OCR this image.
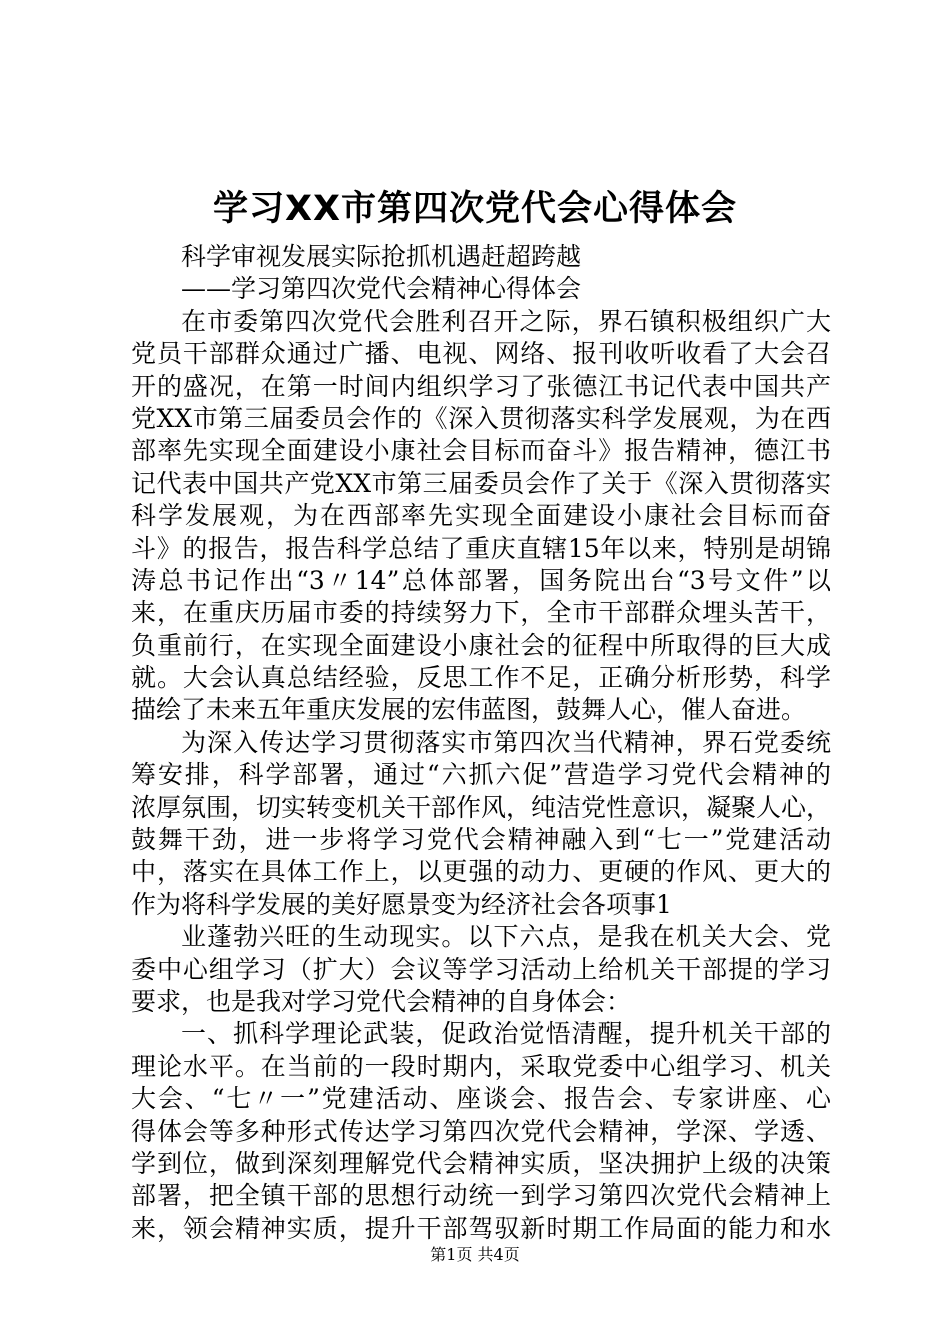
学习XX市第四次党代会心得体会
科学审视发展实际抢抓机遇赶超跨越
——学习第四次党代会精神心得体会
在市委第四次党代会胜利召开之际，界石镇积极组织广大
党员干部群众通过广播、电视、网络、报刊收听收看了大会召
开的盛况，在第一时间内组织学习了张德江书记代表中国共产
党XX市第三届委员会作的《深入贯彻落实科学发展观，为在西
部率先实现全面建设小康社会目标而奋斗》报告精神，德江书
记代表中国共产党XX市第三届委员会作了关于《深入贯彻落实
科学发展观，为在西部率先实现全面建设小康社会目标而奋
斗》的报告，报告科学总结了重庆直辖15年以来，特别是胡锦
涛总书记作出“3〃14”总体部署，国务院出台“3号文件”以
来，在重庆历届市委的持续努力下，全市干部群众埋头苦干，
负重前行，在实现全面建设小康社会的征程中所取得的巨大成
就。大会认真总结经验，反思工作不足，正确分析形势，科学
描绘了未来五年重庆发展的宏伟蓝图，鼓舞人心，催人奋进。
为深入传达学习贯彻落实市第四次当代精神，界石党委统
筹安排，科学部署，通过“六抓六促”营造学习党代会精神的
浓厚氛围，切实转变机关干部作风，纯洁党性意识，凝聚人心，
鼓舞干劲，进一步将学习党代会精神融入到“七一”党建活动
中，落实在具体工作上，以更强的动力、更硬的作风、更大的
作为将科学发展的美好愿景变为经济社会各项事1
业蓬勃兴旺的生动现实。以下六点，是我在机关大会、党
委中心组学习（扩大）会议等学习活动上给机关干部提的学习
要求，也是我对学习党代会精神的自身体会：
一、抓科学理论武装，促政治觉悟清醒，提升机关干部的
理论水平。在当前的一段时期内，采取党委中心组学习、机关
大会、“七〃一”党建活动、座谈会、报告会、专家讲座、心
得体会等多种形式传达学习第四次党代会精神，学深、学透、
学到位，做到深刻理解党代会精神实质，坚决拥护上级的决策
部署，把全镇干部的思想行动统一到学习第四次党代会精神上
来，领会精神实质，提升干部驾驭新时期工作局面的能力和水
第1页 共4页
